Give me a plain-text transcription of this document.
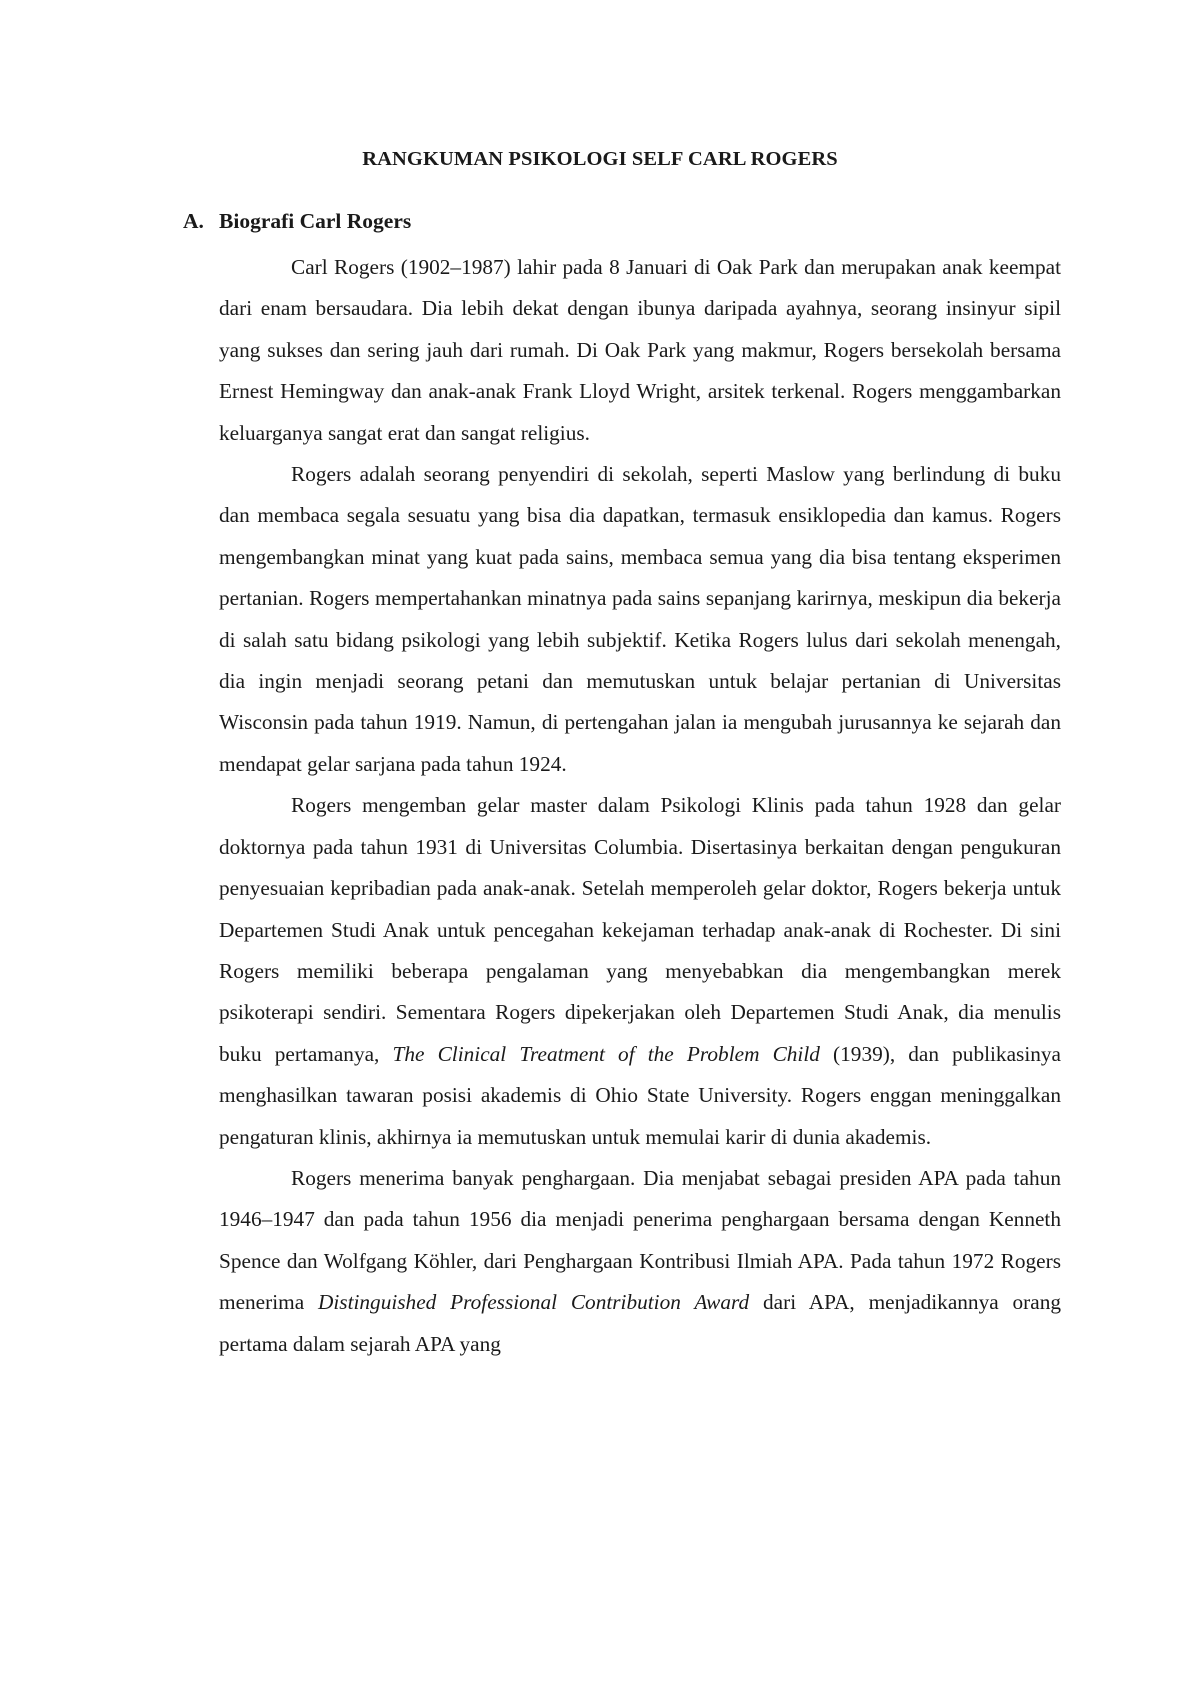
RANGKUMAN PSIKOLOGI SELF CARL ROGERS
A. Biografi Carl Rogers

Carl Rogers (1902–1987) lahir pada 8 Januari di Oak Park dan merupakan anak keempat dari enam bersaudara. Dia lebih dekat dengan ibunya daripada ayahnya, seorang insinyur sipil yang sukses dan sering jauh dari rumah. Di Oak Park yang makmur, Rogers bersekolah bersama Ernest Hemingway dan anak-anak Frank Lloyd Wright, arsitek terkenal. Rogers menggambarkan keluarganya sangat erat dan sangat religius.

Rogers adalah seorang penyendiri di sekolah, seperti Maslow yang berlindung di buku dan membaca segala sesuatu yang bisa dia dapatkan, termasuk ensiklopedia dan kamus. Rogers mengembangkan minat yang kuat pada sains, membaca semua yang dia bisa tentang eksperimen pertanian. Rogers mempertahankan minatnya pada sains sepanjang karirnya, meskipun dia bekerja di salah satu bidang psikologi yang lebih subjektif. Ketika Rogers lulus dari sekolah menengah, dia ingin menjadi seorang petani dan memutuskan untuk belajar pertanian di Universitas Wisconsin pada tahun 1919. Namun, di pertengahan jalan ia mengubah jurusannya ke sejarah dan mendapat gelar sarjana pada tahun 1924.

Rogers mengemban gelar master dalam Psikologi Klinis pada tahun 1928 dan gelar doktornya pada tahun 1931 di Universitas Columbia. Disertasinya berkaitan dengan pengukuran penyesuaian kepribadian pada anak-anak. Setelah memperoleh gelar doktor, Rogers bekerja untuk Departemen Studi Anak untuk pencegahan kekejaman terhadap anak-anak di Rochester. Di sini Rogers memiliki beberapa pengalaman yang menyebabkan dia mengembangkan merek psikoterapi sendiri. Sementara Rogers dipekerjakan oleh Departemen Studi Anak, dia menulis buku pertamanya, The Clinical Treatment of the Problem Child (1939), dan publikasinya menghasilkan tawaran posisi akademis di Ohio State University. Rogers enggan meninggalkan pengaturan klinis, akhirnya ia memutuskan untuk memulai karir di dunia akademis.

Rogers menerima banyak penghargaan. Dia menjabat sebagai presiden APA pada tahun 1946–1947 dan pada tahun 1956 dia menjadi penerima penghargaan bersama dengan Kenneth Spence dan Wolfgang Köhler, dari Penghargaan Kontribusi Ilmiah APA. Pada tahun 1972 Rogers menerima Distinguished Professional Contribution Award dari APA, menjadikannya orang pertama dalam sejarah APA yang
